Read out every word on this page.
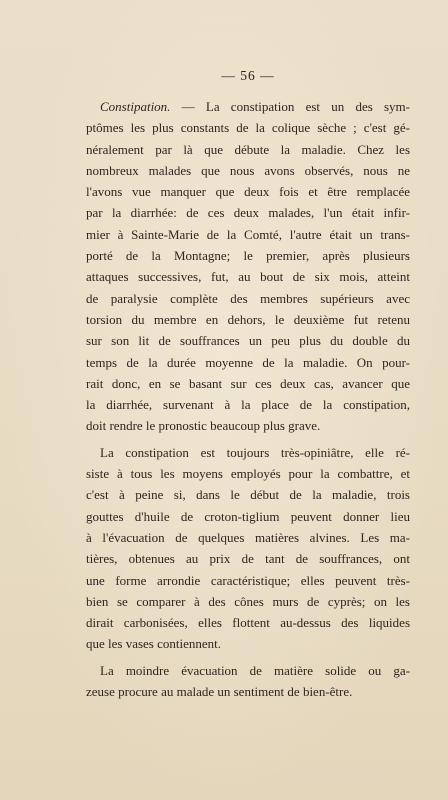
— 56 —
Constipation. — La constipation est un des sym-
ptômes les plus constants de la colique sèche ; c'est gé-
néralement par là que débute la maladie. Chez les
nombreux malades que nous avons observés, nous ne
l'avons vue manquer que deux fois et être remplacée
par la diarrhée: de ces deux malades, l'un était infir-
mier à Sainte-Marie de la Comté, l'autre était un trans-
porté de la Montagne; le premier, après plusieurs
attaques successives, fut, au bout de six mois, atteint
de paralysie complète des membres supérieurs avec
torsion du membre en dehors, le deuxième fut retenu
sur son lit de souffrances un peu plus du double du
temps de la durée moyenne de la maladie. On pour-
rait donc, en se basant sur ces deux cas, avancer que
la diarrhée, survenant à la place de la constipation,
doit rendre le pronostic beaucoup plus grave.
La constipation est toujours très-opiniâtre, elle ré-
siste à tous les moyens employés pour la combattre, et
c'est à peine si, dans le début de la maladie, trois
gouttes d'huile de croton-tiglium peuvent donner lieu
à l'évacuation de quelques matières alvines. Les ma-
tières, obtenues au prix de tant de souffrances, ont
une forme arrondie caractéristique; elles peuvent très-
bien se comparer à des cônes murs de cyprès; on les
dirait carbonisées, elles flottent au-dessus des liquides
que les vases contiennent.
La moindre évacuation de matière solide ou ga-
zeuse procure au malade un sentiment de bien-être.
